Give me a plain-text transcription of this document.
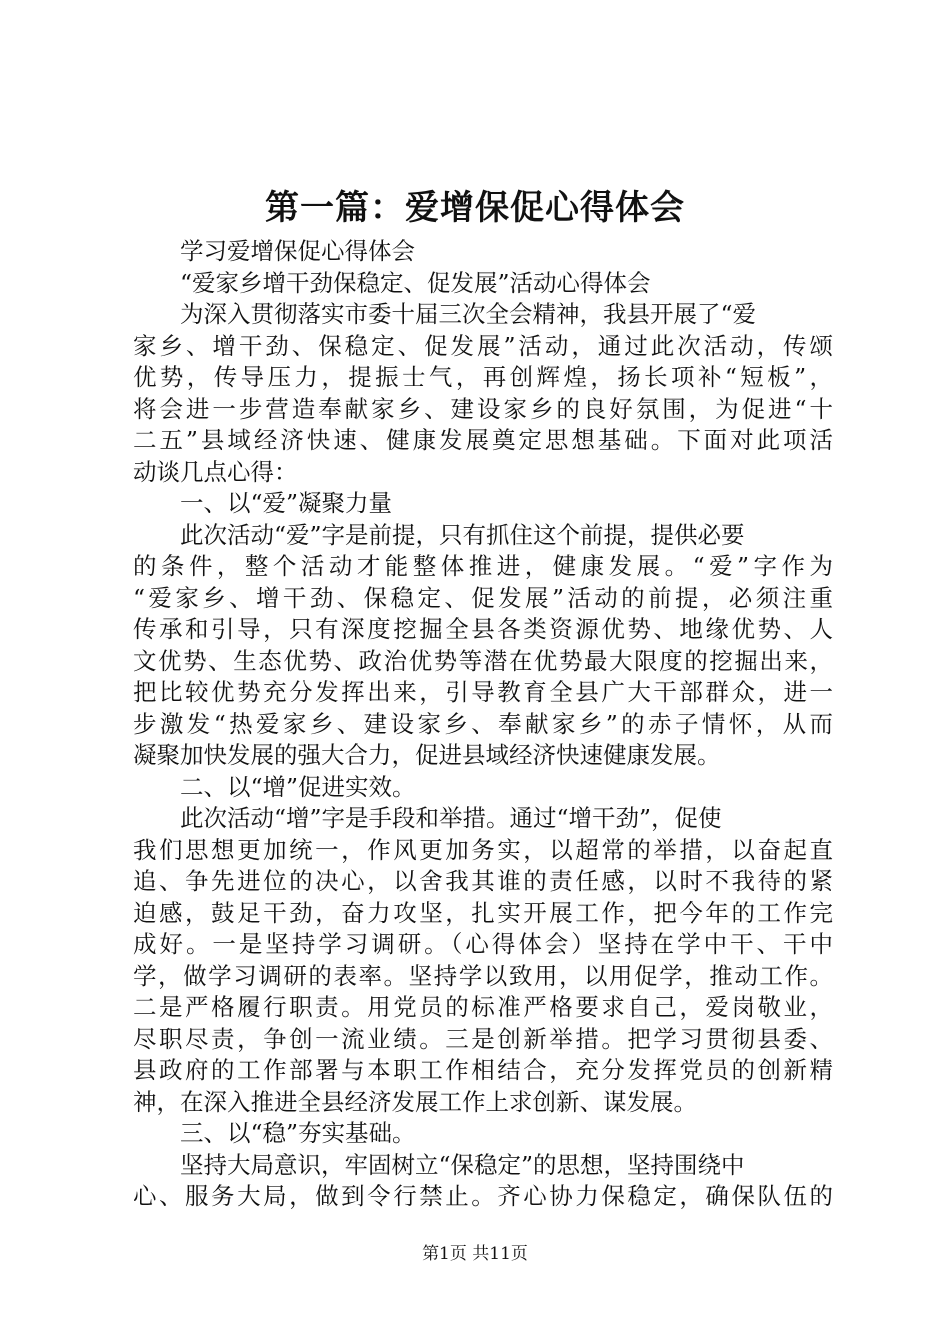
第一篇：爱增保促心得体会
学习爱增保促心得体会
“爱家乡增干劲保稳定、促发展”活动心得体会
为深入贯彻落实市委十届三次全会精神，我县开展了“爱
家乡、增干劲、保稳定、促发展”活动，通过此次活动，传颂
优势，传导压力，提振士气，再创辉煌，扬长项补“短板”，
将会进一步营造奉献家乡、建设家乡的良好氛围，为促进“十
二五”县域经济快速、健康发展奠定思想基础。下面对此项活
动谈几点心得：
一、以“爱”凝聚力量
此次活动“爱”字是前提，只有抓住这个前提，提供必要
的条件，整个活动才能整体推进，健康发展。“爱”字作为
“爱家乡、增干劲、保稳定、促发展”活动的前提，必须注重
传承和引导，只有深度挖掘全县各类资源优势、地缘优势、人
文优势、生态优势、政治优势等潜在优势最大限度的挖掘出来，
把比较优势充分发挥出来，引导教育全县广大干部群众，进一
步激发“热爱家乡、建设家乡、奉献家乡”的赤子情怀，从而
凝聚加快发展的强大合力，促进县域经济快速健康发展。
二、以“增”促进实效。
此次活动“增”字是手段和举措。通过“增干劲”，促使
我们思想更加统一，作风更加务实，以超常的举措，以奋起直
追、争先进位的决心，以舍我其谁的责任感，以时不我待的紧
迫感，鼓足干劲，奋力攻坚，扎实开展工作，把今年的工作完
成好。一是坚持学习调研。（心得体会）坚持在学中干、干中
学，做学习调研的表率。坚持学以致用，以用促学，推动工作。
二是严格履行职责。用党员的标准严格要求自己，爱岗敬业，
尽职尽责，争创一流业绩。三是创新举措。把学习贯彻县委、
县政府的工作部署与本职工作相结合，充分发挥党员的创新精
神，在深入推进全县经济发展工作上求创新、谋发展。
三、以“稳”夯实基础。
坚持大局意识，牢固树立“保稳定”的思想，坚持围绕中
心、服务大局，做到令行禁止。齐心协力保稳定，确保队伍的
第1页 共11页
